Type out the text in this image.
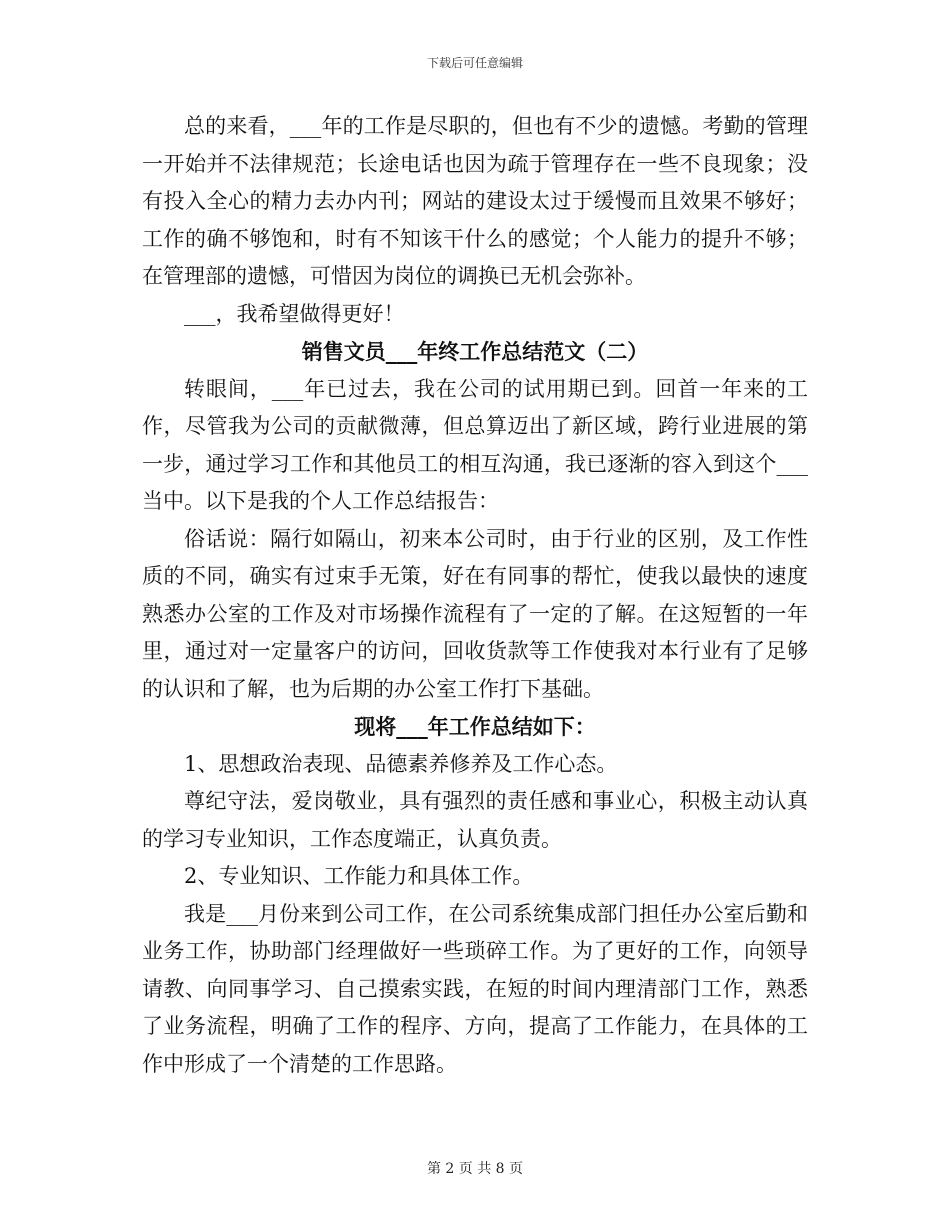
下载后可任意编辑

总的来看，___年的工作是尽职的，但也有不少的遗憾。考勤的管理一开始并不法律规范；长途电话也因为疏于管理存在一些不良现象；没有投入全心的精力去办内刊；网站的建设太过于缓慢而且效果不够好；工作的确不够饱和，时有不知该干什么的感觉；个人能力的提升不够；在管理部的遗憾，可惜因为岗位的调换已无机会弥补。

___，我希望做得更好！

销售文员___年终工作总结范文（二）

转眼间，___年已过去，我在公司的试用期已到。回首一年来的工作，尽管我为公司的贡献微薄，但总算迈出了新区域，跨行业进展的第一步，通过学习工作和其他员工的相互沟通，我已逐渐的容入到这个___当中。以下是我的个人工作总结报告：

俗话说：隔行如隔山，初来本公司时，由于行业的区别，及工作性质的不同，确实有过束手无策，好在有同事的帮忙，使我以最快的速度熟悉办公室的工作及对市场操作流程有了一定的了解。在这短暂的一年里，通过对一定量客户的访问，回收货款等工作使我对本行业有了足够的认识和了解，也为后期的办公室工作打下基础。

现将___年工作总结如下：

1、思想政治表现、品德素养修养及工作心态。

尊纪守法，爱岗敬业，具有强烈的责任感和事业心，积极主动认真的学习专业知识，工作态度端正，认真负责。

2、专业知识、工作能力和具体工作。

我是___月份来到公司工作，在公司系统集成部门担任办公室后勤和业务工作，协助部门经理做好一些琐碎工作。为了更好的工作，向领导请教、向同事学习、自己摸索实践，在短的时间内理清部门工作，熟悉了业务流程，明确了工作的程序、方向，提高了工作能力，在具体的工作中形成了一个清楚的工作思路。

第 2 页 共 8 页
